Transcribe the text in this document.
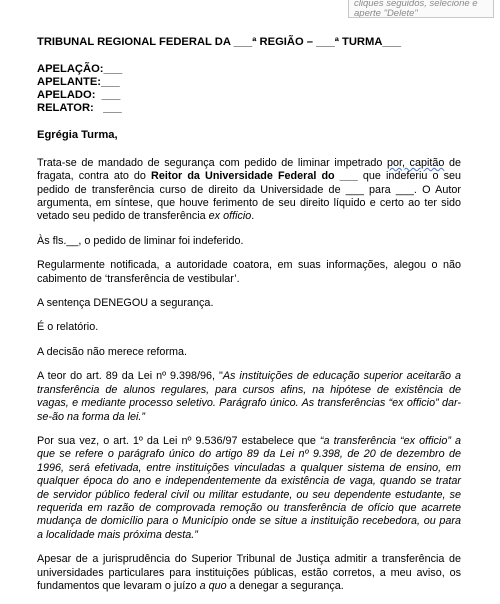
cliques seguidos, selecione e
aperte "Delete"
TRIBUNAL REGIONAL FEDERAL DA ___ª REGIÃO – ___ª TURMA___
APELAÇÃO:___
APELANTE:___
APELADO:  ___
RELATOR:   ___
Egrégia Turma,

Trata-se de mandado de segurança com pedido de liminar impetrado por, capitão de fragata, contra ato do Reitor da Universidade Federal do ___ que indeferiu o seu pedido de transferência curso de direito da Universidade de ___ para ___. O Autor argumenta, em síntese, que houve ferimento de seu direito líquido e certo ao ter sido vetado seu pedido de transferência ex officio.

Às fls.__, o pedido de liminar foi indeferido.

Regularmente notificada, a autoridade coatora, em suas informações, alegou o não cabimento de ‘transferência de vestibular’.

A sentença DENEGOU a segurança.

É o relatório.

A decisão não merece reforma.

A teor do art. 89 da Lei nº 9.398/96, "As instituições de educação superior aceitarão a transferência de alunos regulares, para cursos afins, na hipótese de existência de vagas, e mediante processo seletivo. Parágrafo único. As transferências “ex officio” dar-se-ão na forma da lei.”

Por sua vez, o art. 1º da Lei nº 9.536/97 estabelece que “a transferência “ex officio” a que se refere o parágrafo único do artigo 89 da Lei nº 9.398, de 20 de dezembro de 1996, será efetivada, entre instituições vinculadas a qualquer sistema de ensino, em qualquer época do ano e independentemente da existência de vaga, quando se tratar de servidor público federal civil ou militar estudante, ou seu dependente estudante, se requerida em razão de comprovada remoção ou transferência de ofício que acarrete mudança de domicílio para o Município onde se situe a instituição recebedora, ou para a localidade mais próxima desta.”

Apesar de a jurisprudência do Superior Tribunal de Justiça admitir a transferência de universidades particulares para instituições públicas, estão corretos, a meu aviso, os fundamentos que levaram o juízo a quo a denegar a segurança.
